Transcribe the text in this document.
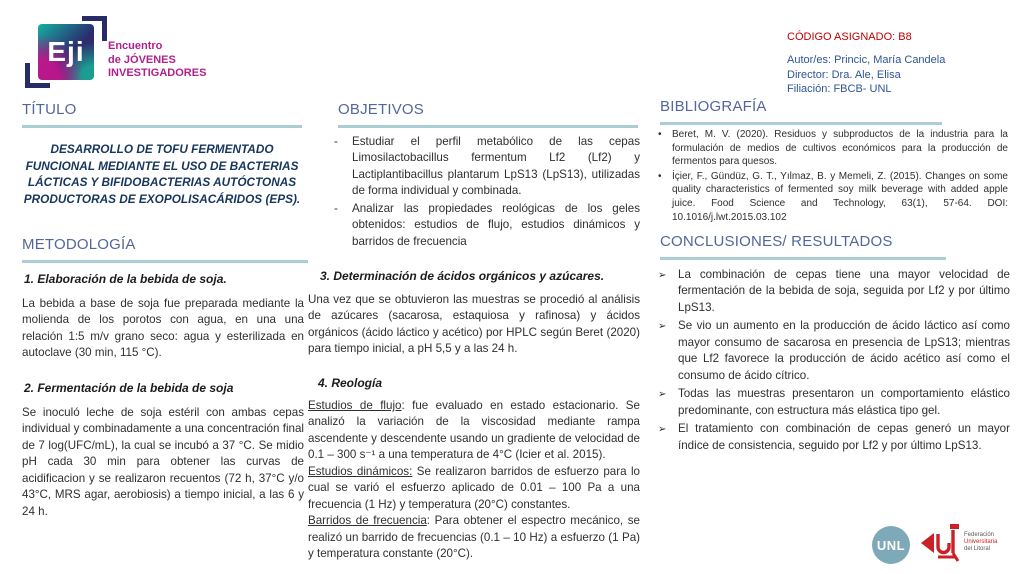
Eji Encuentro
de JÓVENES
INVESTIGADORES
CÓDIGO ASIGNADO: B8
Autor/es: Princic, María Candela
Director: Dra. Ale, Elisa
Filiación: FBCB- UNL
TÍTULO
DESARROLLO DE TOFU FERMENTADO FUNCIONAL MEDIANTE EL USO DE BACTERIAS LÁCTICAS Y BIFIDOBACTERIAS AUTÓCTONAS PRODUCTORAS DE EXOPOLISACÁRIDOS (EPS).
METODOLOGÍA
1. Elaboración de la bebida de soja.
La bebida a base de soja fue preparada mediante la molienda de los porotos con agua, en una una relación 1:5 m/v grano seco: agua y esterilizada en autoclave (30 min, 115 °C).
2. Fermentación de la bebida de soja
Se inoculó leche de soja estéril con ambas cepas individual y combinadamente a una concentración final de 7 log(UFC/mL), la cual se incubó a 37 °C. Se midio pH cada 30 min para obtener las curvas de acidificacion y se realizaron recuentos (72 h, 37°C y/o 43°C, MRS agar, aerobiosis) a tiempo inicial, a las 6 y 24 h.
OBJETIVOS
- Estudiar el perfil metabólico de las cepas Limosilactobacillus fermentum Lf2 (Lf2) y Lactiplantibacillus plantarum LpS13 (LpS13), utilizadas de forma individual y combinada.
- Analizar las propiedades reológicas de los geles obtenidos: estudios de flujo, estudios dinámicos y barridos de frecuencia
3. Determinación de ácidos orgánicos y azúcares.
Una vez que se obtuvieron las muestras se procedió al análisis de azúcares (sacarosa, estaquiosa y rafinosa) y ácidos orgánicos (ácido láctico y acético) por HPLC según Beret (2020) para tiempo inicial, a pH 5,5 y a las 24 h.
4. Reología

Estudios de flujo: fue evaluado en estado estacionario. Se analizó la variación de la viscosidad mediante rampa ascendente y descendente usando un gradiente de velocidad de 0.1 – 300 s⁻¹ a una temperatura de 4°C (Icier et al. 2015).

Estudios dinámicos: Se realizaron barridos de esfuerzo para lo cual se varió el esfuerzo aplicado de 0.01 – 100 Pa a una frecuencia (1 Hz) y temperatura (20°C) constantes.

Barridos de frecuencia: Para obtener el espectro mecánico, se realizó un barrido de frecuencias (0.1 – 10 Hz) a esfuerzo (1 Pa) y temperatura constante (20°C).

BIBLIOGRAFÍA
• Beret, M. V. (2020). Residuos y subproductos de la industria para la formulación de medios de cultivos económicos para la producción de fermentos para quesos.
• İçier, F., Gündüz, G. T., Yılmaz, B. y Memeli, Z. (2015). Changes on some quality characteristics of fermented soy milk beverage with added apple juice. Food Science and Technology, 63(1), 57-64. DOI: 10.1016/j.lwt.2015.03.102
CONCLUSIONES/ RESULTADOS
➢ La combinación de cepas tiene una mayor velocidad de fermentación de la bebida de soja, seguida por Lf2 y por último LpS13.
➢ Se vio un aumento en la producción de ácido láctico así como mayor consumo de sacarosa en presencia de LpS13; mientras que Lf2 favorece la producción de ácido acético así como el consumo de ácido cítrico.
➢ Todas las muestras presentaron un comportamiento elástico predominante, con estructura más elástica tipo gel.
➢ El tratamiento con combinación de cepas generó un mayor índice de consistencia, seguido por Lf2 y por último LpS13.
UNL
Federación
Universitaria
del Litoral
